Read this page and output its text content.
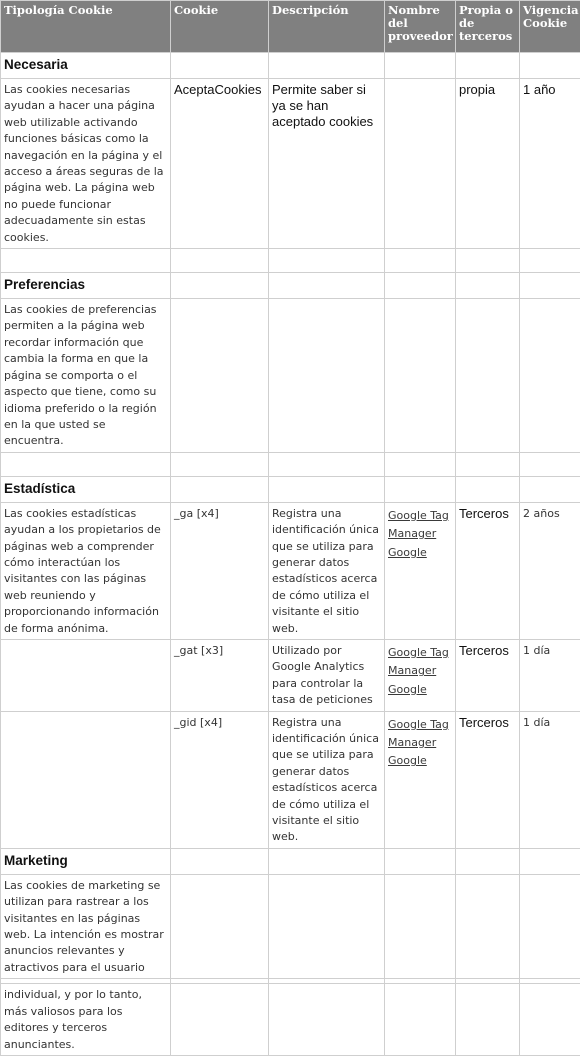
Tipología Cookie	Cookie	Descripción	Nombre del proveedor	Propia o de terceros	Vigencia Cookie
Necesaria					
Las cookies necesarias ayudan a hacer una página web utilizable activando funciones básicas como la navegación en la página y el acceso a áreas seguras de la página web. La página web no puede funcionar adecuadamente sin estas cookies.	AceptaCookies	Permite saber si ya se han aceptado cookies		propia	1 año

Preferencias					
Las cookies de preferencias permiten a la página web recordar información que cambia la forma en que la página se comporta o el aspecto que tiene, como su idioma preferido o la región en la que usted se encuentra.					

Estadística					
Las cookies estadísticas ayudan a los propietarios de páginas web a comprender cómo interactúan los visitantes con las páginas web reuniendo y proporcionando información de forma anónima.	_ga [x4]	Registra una identificación única que se utiliza para generar datos estadísticos acerca de cómo utiliza el visitante el sitio web.	Google Tag Manager Google	Terceros	2 años
	_gat [x3]	Utilizado por Google Analytics para controlar la tasa de peticiones	Google Tag Manager Google	Terceros	1 día
	_gid [x4]	Registra una identificación única que se utiliza para generar datos estadísticos acerca de cómo utiliza el visitante el sitio web.	Google Tag Manager Google	Terceros	1 día
Marketing					
Las cookies de marketing se utilizan para rastrear a los visitantes en las páginas web. La intención es mostrar anuncios relevantes y atractivos para el usuario					

individual, y por lo tanto, más valiosos para los editores y terceros anunciantes.					
